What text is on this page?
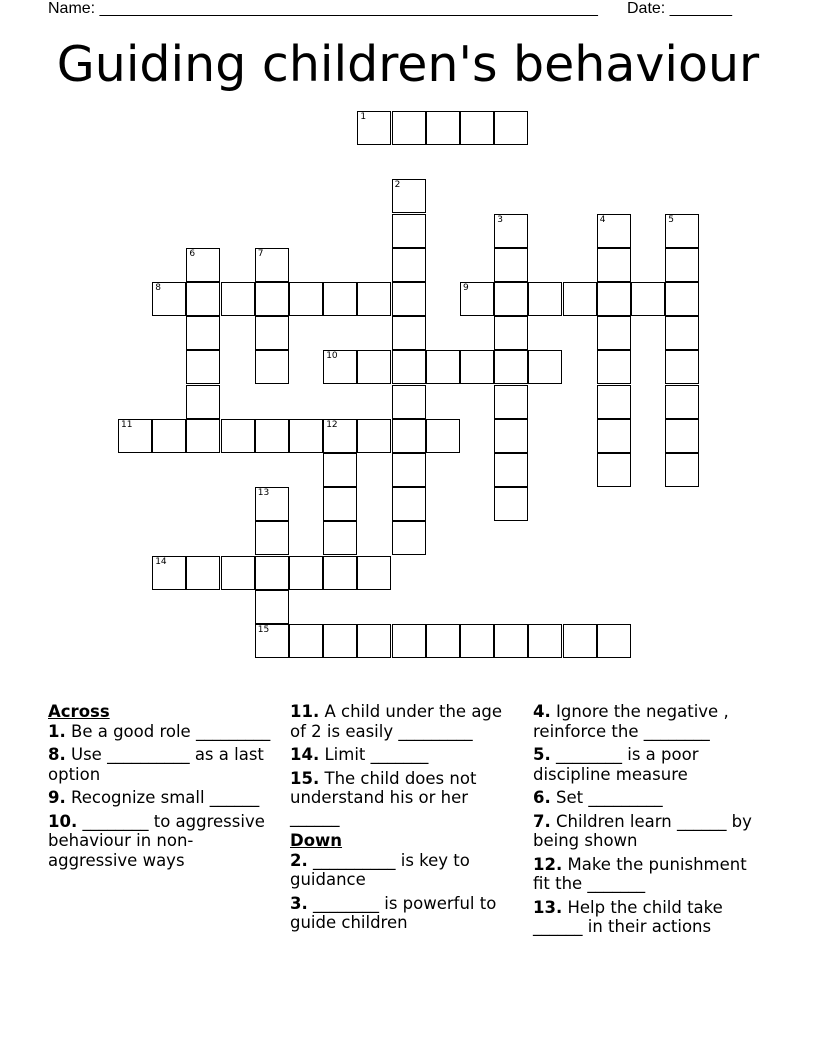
Name: ________________________________________________________ Date: _______
Guiding children's behaviour
1
2
3	4	5
6	7
8	9
10
11	12
13
15
14

Across

1. Be a good role _________

8. Use __________ as a last option

9. Recognize small ______

10. ________ to aggressive behaviour in non- aggressive ways

11. A child under the age of 2 is easily _________

14. Limit _______

15. The child does not understand his or her ______

Down

2. __________ is key to guidance

3. ________ is powerful to guide children

4. Ignore the negative , reinforce the ________

5. ________ is a poor discipline measure

6. Set _________

7. Children learn ______ by being shown

12. Make the punishment fit the _______

13. Help the child take ______ in their actions
